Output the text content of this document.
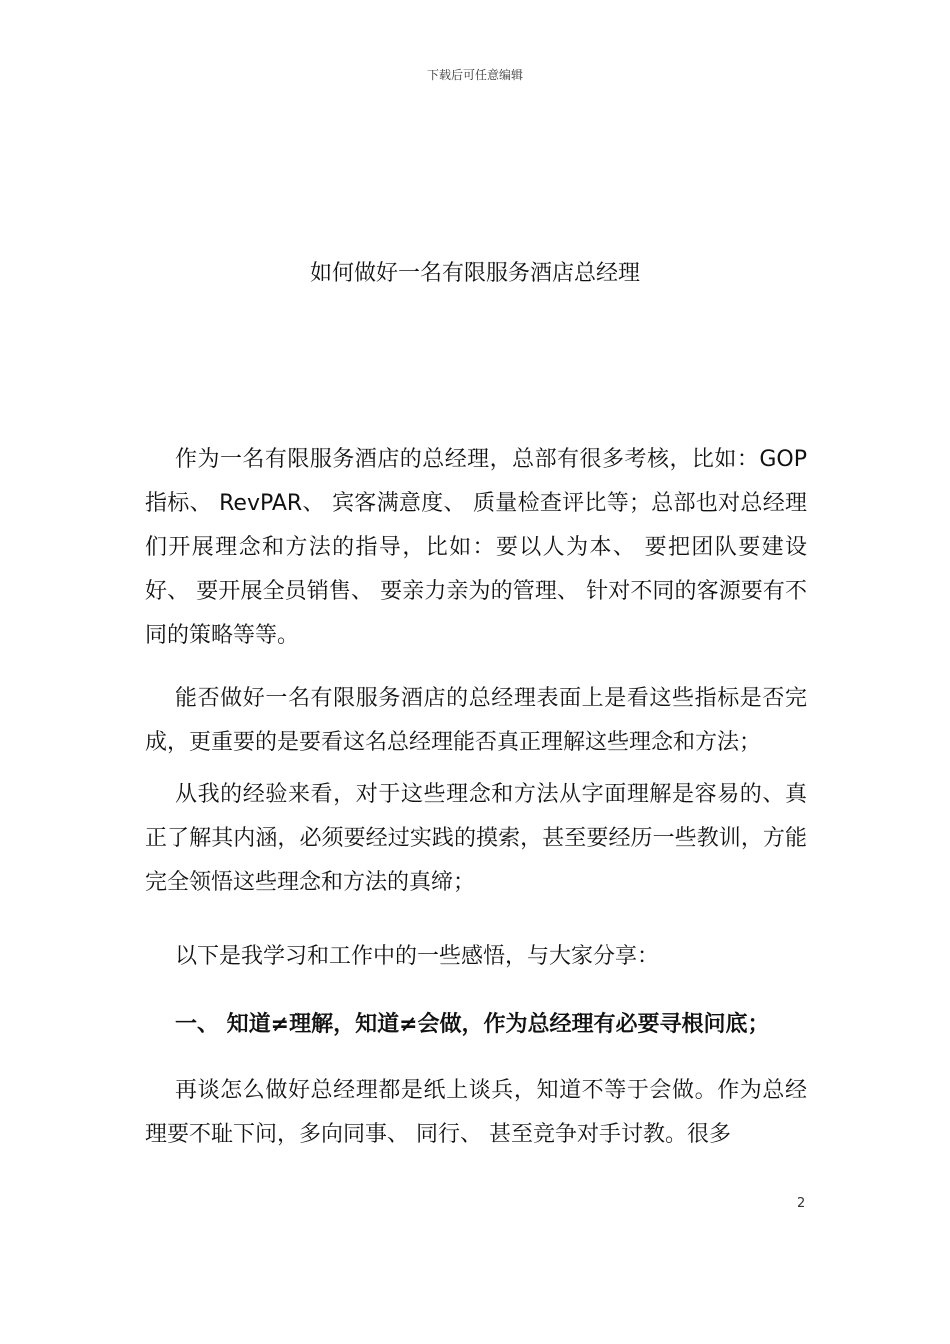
下载后可任意编辑
如何做好一名有限服务酒店总经理

作为一名有限服务酒店的总经理，总部有很多考核，比如：GOP指标、 RevPAR、 宾客满意度、 质量检查评比等；总部也对总经理们开展理念和方法的指导，比如：要以人为本、 要把团队要建设好、 要开展全员销售、 要亲力亲为的管理、 针对不同的客源要有不同的策略等等。

能否做好一名有限服务酒店的总经理表面上是看这些指标是否完成，更重要的是要看这名总经理能否真正理解这些理念和方法；

从我的经验来看，对于这些理念和方法从字面理解是容易的、真正了解其内涵，必须要经过实践的摸索，甚至要经历一些教训，方能完全领悟这些理念和方法的真缔；

以下是我学习和工作中的一些感悟，与大家分享：

一、 知道≠理解，知道≠会做，作为总经理有必要寻根问底；

再谈怎么做好总经理都是纸上谈兵，知道不等于会做。作为总经理要不耻下问，多向同事、 同行、 甚至竞争对手讨教。很多

2
